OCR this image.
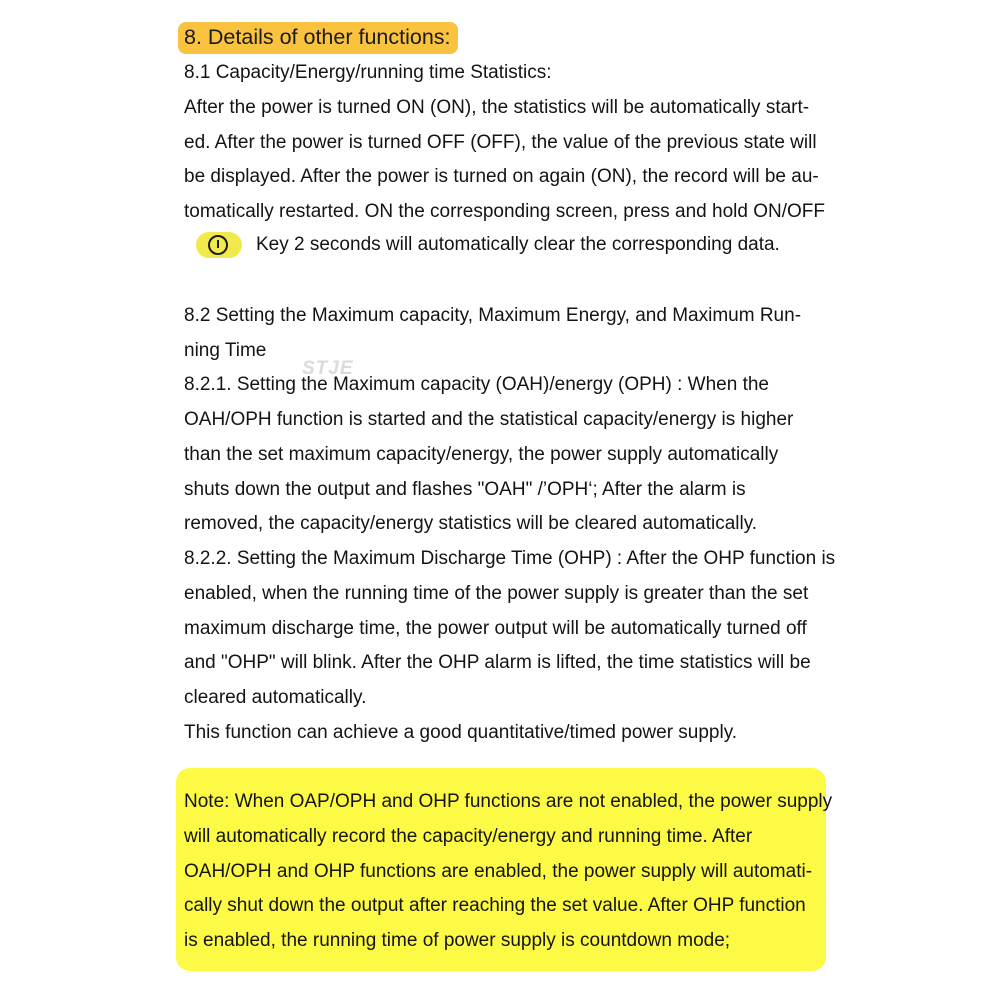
8. Details of other functions:
8.1 Capacity/Energy/running time Statistics:
After the power is turned ON (ON), the statistics will be automatically start-
ed. After the power is turned OFF (OFF), the value of the previous state will
be displayed. After the power is turned on again (ON), the record will be au-
tomatically restarted. ON the corresponding screen, press and hold ON/OFF
Key 2 seconds will automatically clear the corresponding data.
8.2 Setting the Maximum capacity, Maximum Energy, and Maximum Run-
ning Time
STJE
8.2.1. Setting the Maximum capacity (OAH)/energy (OPH) : When the
OAH/OPH function is started and the statistical capacity/energy is higher
than the set maximum capacity/energy, the power supply automatically
shuts down the output and flashes "OAH" /’OPH‘; After the alarm is
removed, the capacity/energy statistics will be cleared automatically.
8.2.2. Setting the Maximum Discharge Time (OHP) : After the OHP function is
enabled, when the running time of the power supply is greater than the set
maximum discharge time, the power output will be automatically turned off
and "OHP" will blink. After the OHP alarm is lifted, the time statistics will be
cleared automatically.
This function can achieve a good quantitative/timed power supply.
Note: When OAP/OPH and OHP functions are not enabled, the power supply
will automatically record the capacity/energy and running time. After
OAH/OPH and OHP functions are enabled, the power supply will automati-
cally shut down the output after reaching the set value. After OHP function
is enabled, the running time of power supply is countdown mode;
